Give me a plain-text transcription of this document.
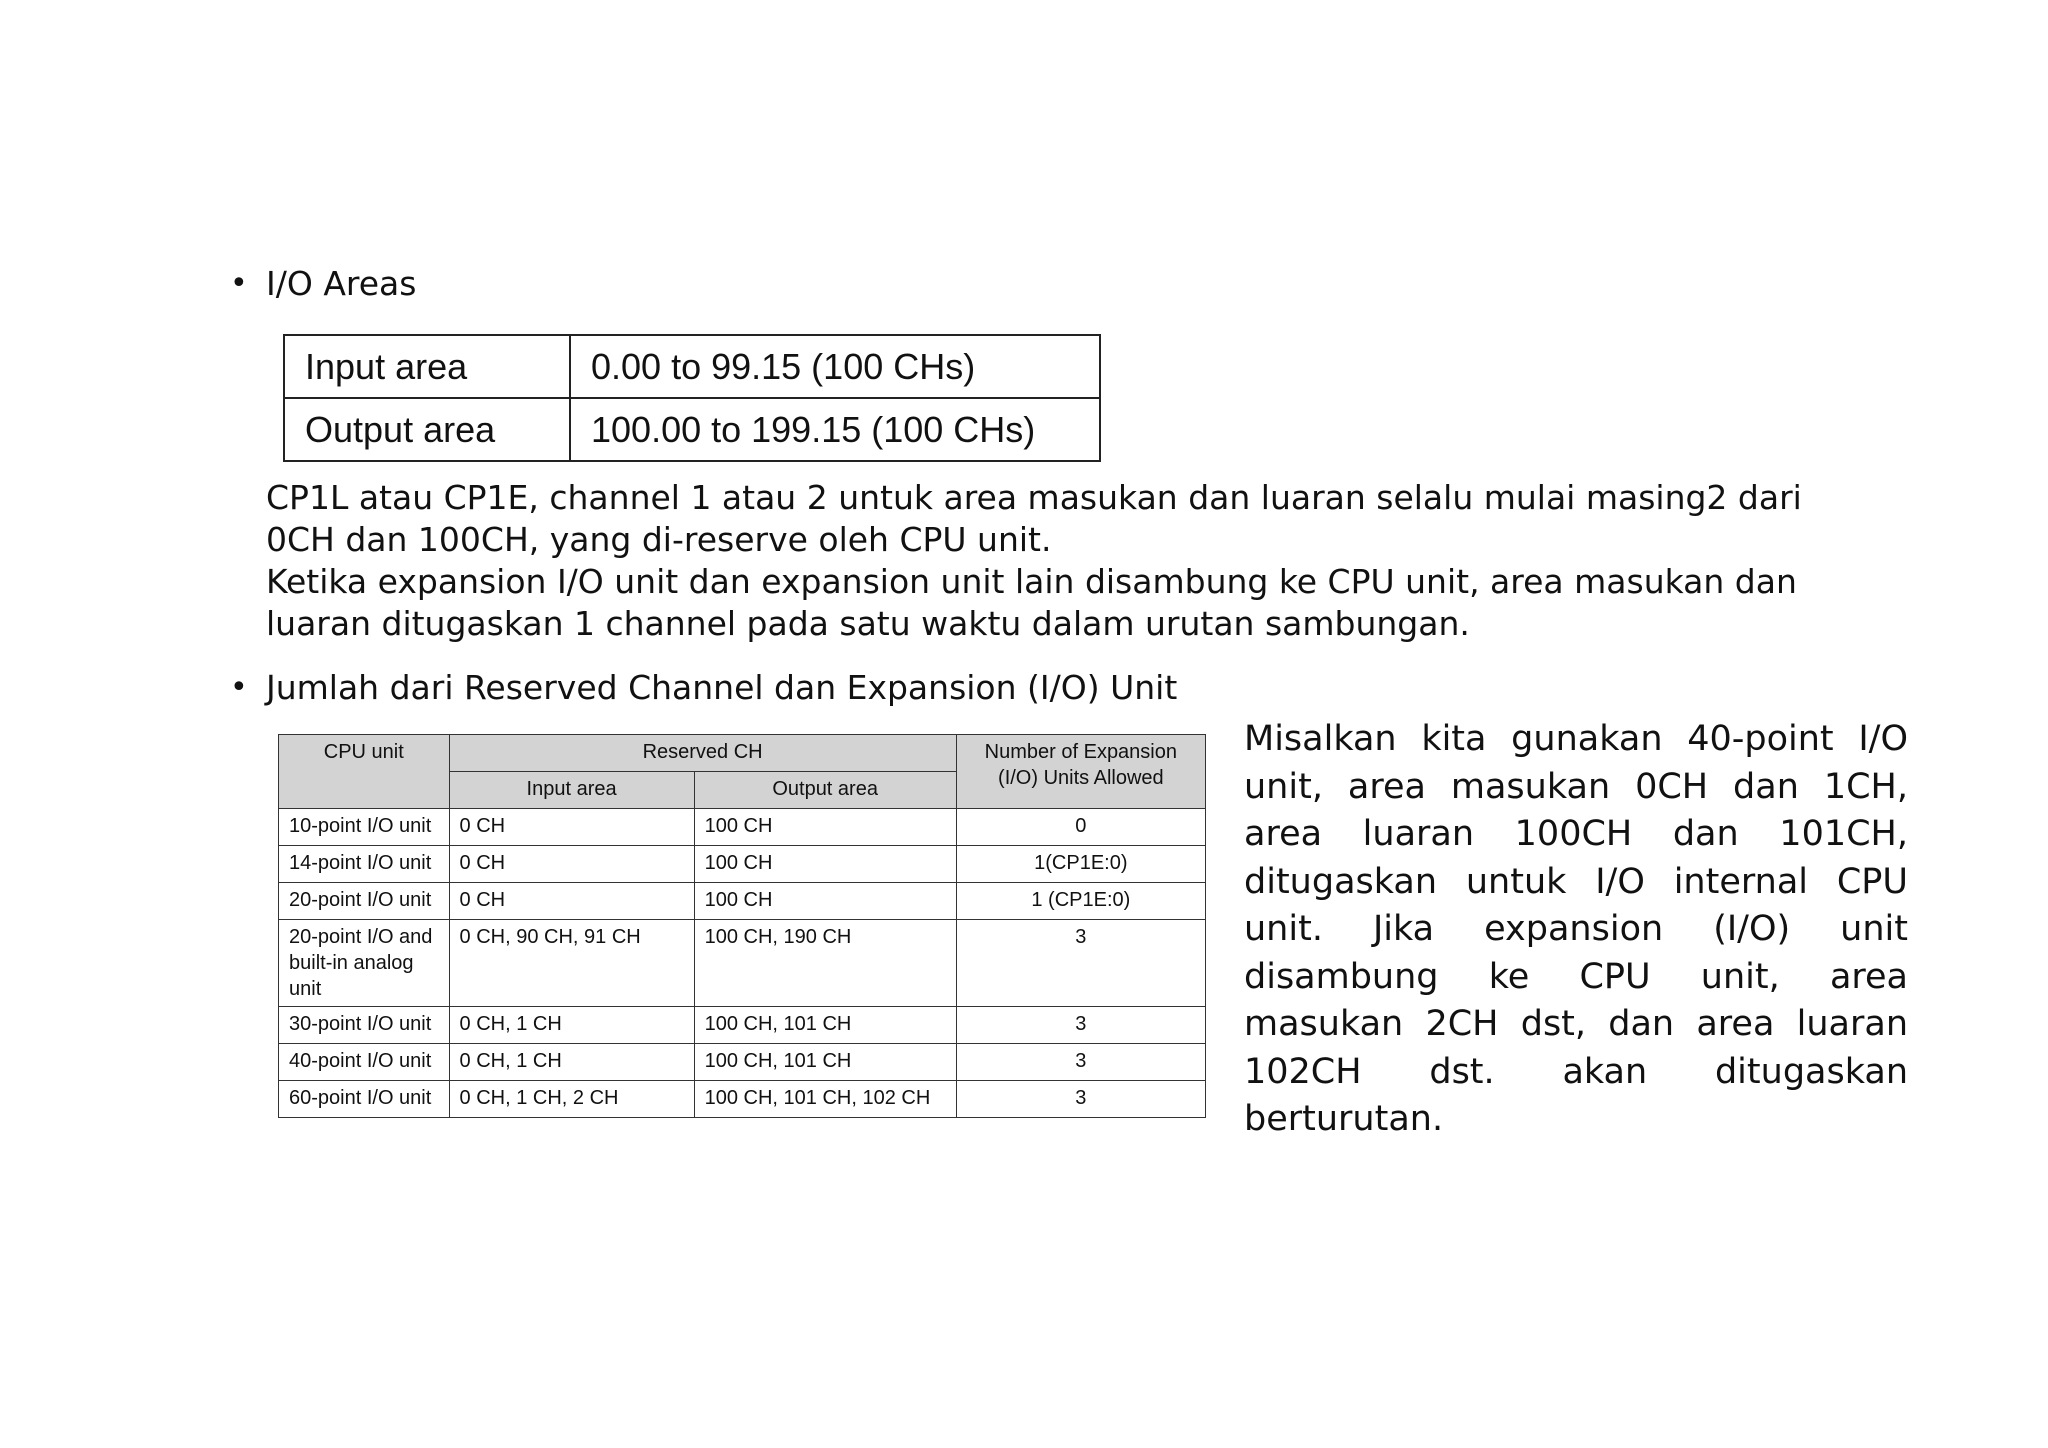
• I/O Areas
Input area	0.00 to 99.15 (100 CHs)
Output area	100.00 to 199.15 (100 CHs)
CP1L atau CP1E, channel 1 atau 2 untuk area masukan dan luaran selalu mulai masing2 dari 0CH dan 100CH, yang di-reserve oleh CPU unit.
Ketika expansion I/O unit dan expansion unit lain disambung ke CPU unit, area masukan dan luaran ditugaskan 1 channel pada satu waktu dalam urutan sambungan.
• Jumlah dari Reserved Channel dan Expansion (I/O) Unit
CPU unit	Reserved CH		Number of Expansion (I/O) Units Allowed
	Input area	Output area	
10-point I/O unit	0 CH	100 CH	0
14-point I/O unit	0 CH	100 CH	1(CP1E:0)
20-point I/O unit	0 CH	100 CH	1 (CP1E:0)
20-point I/O and built-in analog unit	0 CH, 90 CH, 91 CH	100 CH, 190 CH	3
30-point I/O unit	0 CH, 1 CH	100 CH, 101 CH	3
40-point I/O unit	0 CH, 1 CH	100 CH, 101 CH	3
60-point I/O unit	0 CH, 1 CH, 2 CH	100 CH, 101 CH, 102 CH	3
Misalkan kita gunakan 40-point I/O unit, area masukan 0CH dan 1CH, area luaran 100CH dan 101CH, ditugaskan untuk I/O internal CPU unit. Jika expansion (I/O) unit disambung ke CPU unit, area masukan 2CH dst, dan area luaran 102CH dst. akan ditugaskan berturutan.
